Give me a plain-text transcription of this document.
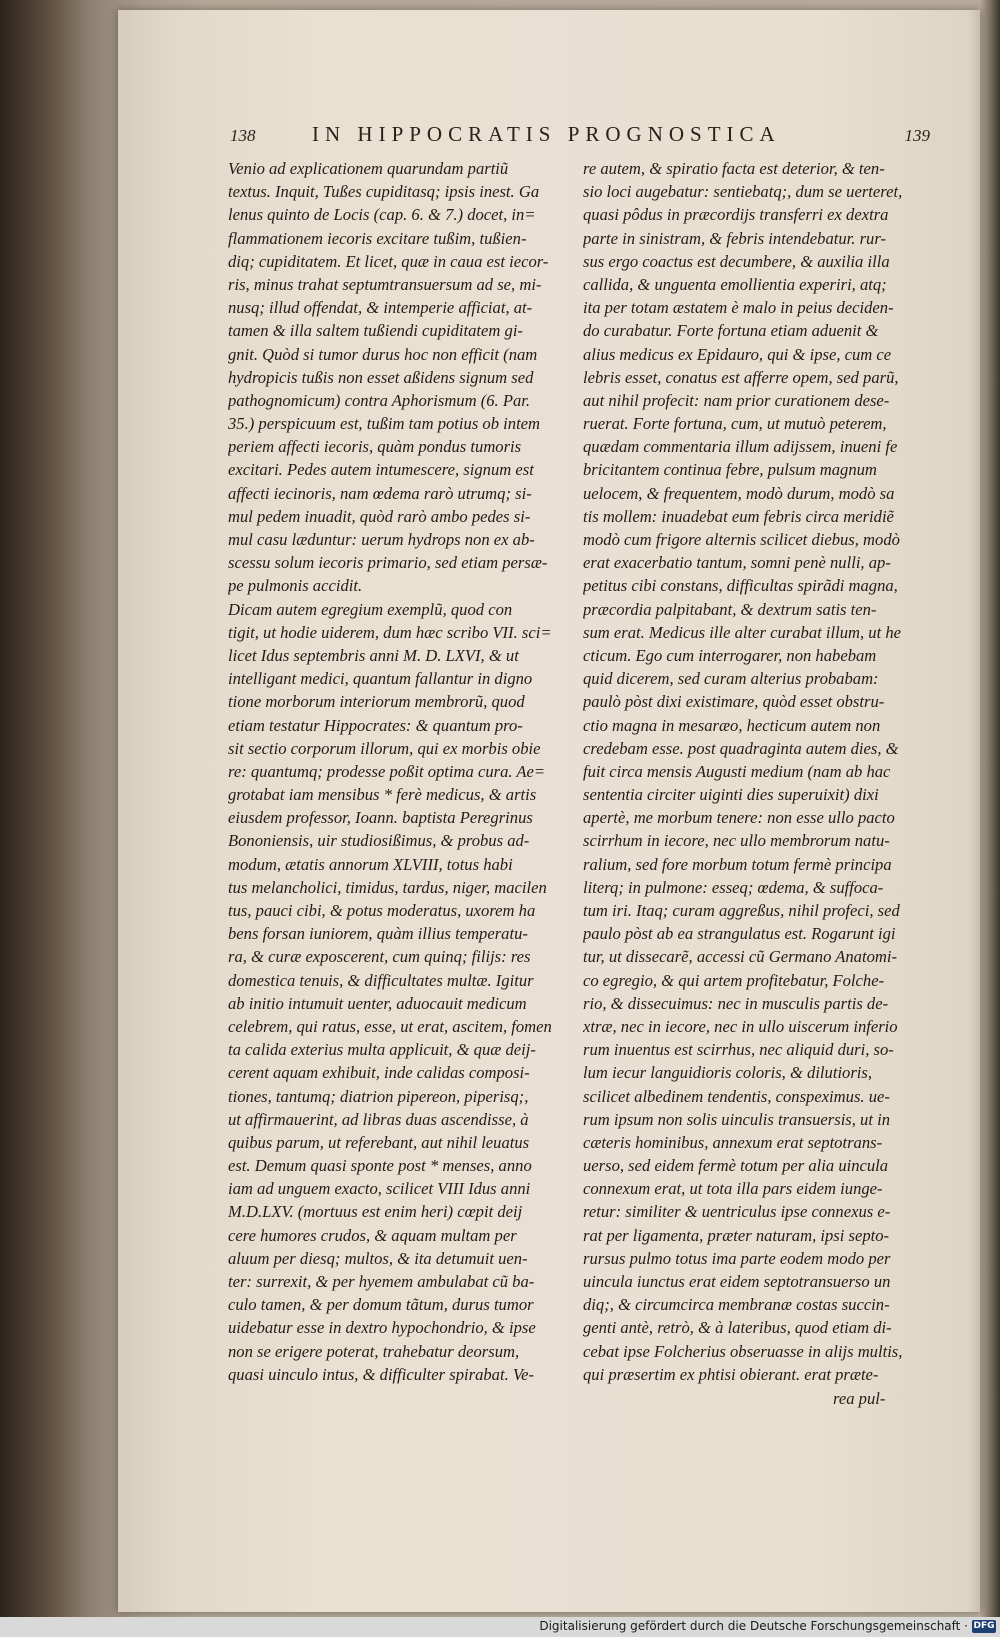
138	IN HIPPOCRATIS PROGNOSTICA	139
Venio ad explicationem quarundam partiũ
textus. Inquit, Tußes cupiditasq; ipsis inest. Ga
lenus quinto de Locis (cap. 6. & 7.) docet, in=
flammationem iecoris excitare tußim, tußien-
diq; cupiditatem. Et licet, quæ in caua est iecor-
ris, minus trahat septumtransuersum ad se, mi-
nusq; illud offendat, & intemperie afficiat, at-
tamen & illa saltem tußiendi cupiditatem gi-
gnit. Quòd si tumor durus hoc non efficit (nam
hydropicis tußis non esset aßidens signum sed
pathognomicum) contra Aphorismum (6. Par.
35.) perspicuum est, tußim tam potius ob intem
periem affecti iecoris, quàm pondus tumoris
excitari. Pedes autem intumescere, signum est
affecti iecinoris, nam œdema rarò utrumq; si-
mul pedem inuadit, quòd rarò ambo pedes si-
mul casu læduntur: uerum hydrops non ex ab-
scessu solum iecoris primario, sed etiam persæ-
pe pulmonis accidit.
Dicam autem egregium exemplũ, quod con
tigit, ut hodie uiderem, dum hæc scribo VII. sci=
licet Idus septembris anni M. D. LXVI, & ut
intelligant medici, quantum fallantur in digno
tione morborum interiorum membrorũ, quod
etiam testatur Hippocrates: & quantum pro-
sit sectio corporum illorum, qui ex morbis obie
re: quantumq; prodesse poßit optima cura. Ae=
grotabat iam mensibus * ferè medicus, & artis
eiusdem professor, Ioann. baptista Peregrinus
Bononiensis, uir studiosißimus, & probus ad-
modum, ætatis annorum XLVIII, totus habi
tus melancholici, timidus, tardus, niger, macilen
tus, pauci cibi, & potus moderatus, uxorem ha
bens forsan iuniorem, quàm illius temperatu-
ra, & curæ exposcerent, cum quinq; filijs: res
domestica tenuis, & difficultates multæ. Igitur
ab initio intumuit uenter, aduocauit medicum
celebrem, qui ratus, esse, ut erat, ascitem, fomen
ta calida exterius multa applicuit, & quæ deij-
cerent aquam exhibuit, inde calidas composi-
tiones, tantumq; diatrion pipereon, piperisq;,
ut affirmauerint, ad libras duas ascendisse, à
quibus parum, ut referebant, aut nihil leuatus
est. Demum quasi sponte post * menses, anno
iam ad unguem exacto, scilicet VIII Idus anni
M.D.LXV. (mortuus est enim heri) cœpit deij
cere humores crudos, & aquam multam per
aluum per diesq; multos, & ita detumuit uen-
ter: surrexit, & per hyemem ambulabat cũ ba-
culo tamen, & per domum tãtum, durus tumor
uidebatur esse in dextro hypochondrio, & ipse
non se erigere poterat, trahebatur deorsum,
quasi uinculo intus, & difficulter spirabat. Ve-
re autem, & spiratio facta est deterior, & ten-
sio loci augebatur: sentiebatq;, dum se uerteret,
quasi pôdus in præcordijs transferri ex dextra
parte in sinistram, & febris intendebatur. rur-
sus ergo coactus est decumbere, & auxilia illa
callida, & unguenta emollientia experiri, atq;
ita per totam æstatem è malo in peius deciden-
do curabatur. Forte fortuna etiam aduenit &
alius medicus ex Epidauro, qui & ipse, cum ce
lebris esset, conatus est afferre opem, sed parũ,
aut nihil profecit: nam prior curationem dese-
ruerat. Forte fortuna, cum, ut mutuò peterem,
quædam commentaria illum adijssem, inueni fe
bricitantem continua febre, pulsum magnum
uelocem, & frequentem, modò durum, modò sa
tis mollem: inuadebat eum febris circa meridiẽ
modò cum frigore alternis scilicet diebus, modò
erat exacerbatio tantum, somni penè nulli, ap-
petitus cibi constans, difficultas spirãdi magna,
præcordia palpitabant, & dextrum satis ten-
sum erat. Medicus ille alter curabat illum, ut he
cticum. Ego cum interrogarer, non habebam
quid dicerem, sed curam alterius probabam:
paulò pòst dixi existimare, quòd esset obstru-
ctio magna in mesaræo, hecticum autem non
credebam esse. post quadraginta autem dies, &
fuit circa mensis Augusti medium (nam ab hac
sententia circiter uiginti dies superuixit) dixi
apertè, me morbum tenere: non esse ullo pacto
scirrhum in iecore, nec ullo membrorum natu-
ralium, sed fore morbum totum fermè principa
literq; in pulmone: esseq; œdema, & suffoca-
tum iri. Itaq; curam aggreßus, nihil profeci, sed
paulo pòst ab ea strangulatus est. Rogarunt igi
tur, ut dissecarẽ, accessi cũ Germano Anatomi-
co egregio, & qui artem profitebatur, Folche-
rio, & dissecuimus: nec in musculis partis de-
xtræ, nec in iecore, nec in ullo uiscerum inferio
rum inuentus est scirrhus, nec aliquid duri, so-
lum iecur languidioris coloris, & dilutioris,
scilicet albedinem tendentis, conspeximus. ue-
rum ipsum non solis uinculis transuersis, ut in
cæteris hominibus, annexum erat septotrans-
uerso, sed eidem fermè totum per alia uincula
connexum erat, ut tota illa pars eidem iunge-
retur: similiter & uentriculus ipse connexus e-
rat per ligamenta, præter naturam, ipsi septo-
rursus pulmo totus ima parte eodem modo per
uincula iunctus erat eidem septotransuerso un
diq;, & circumcirca membranæ costas succin-
genti antè, retrò, & à lateribus, quod etiam di-
cebat ipse Folcherius obseruasse in alijs multis,
qui præsertim ex phtisi obierant. erat præte-
rea pul-
Digitalisierung gefördert durch die Deutsche Forschungsgemeinschaft · DFG
